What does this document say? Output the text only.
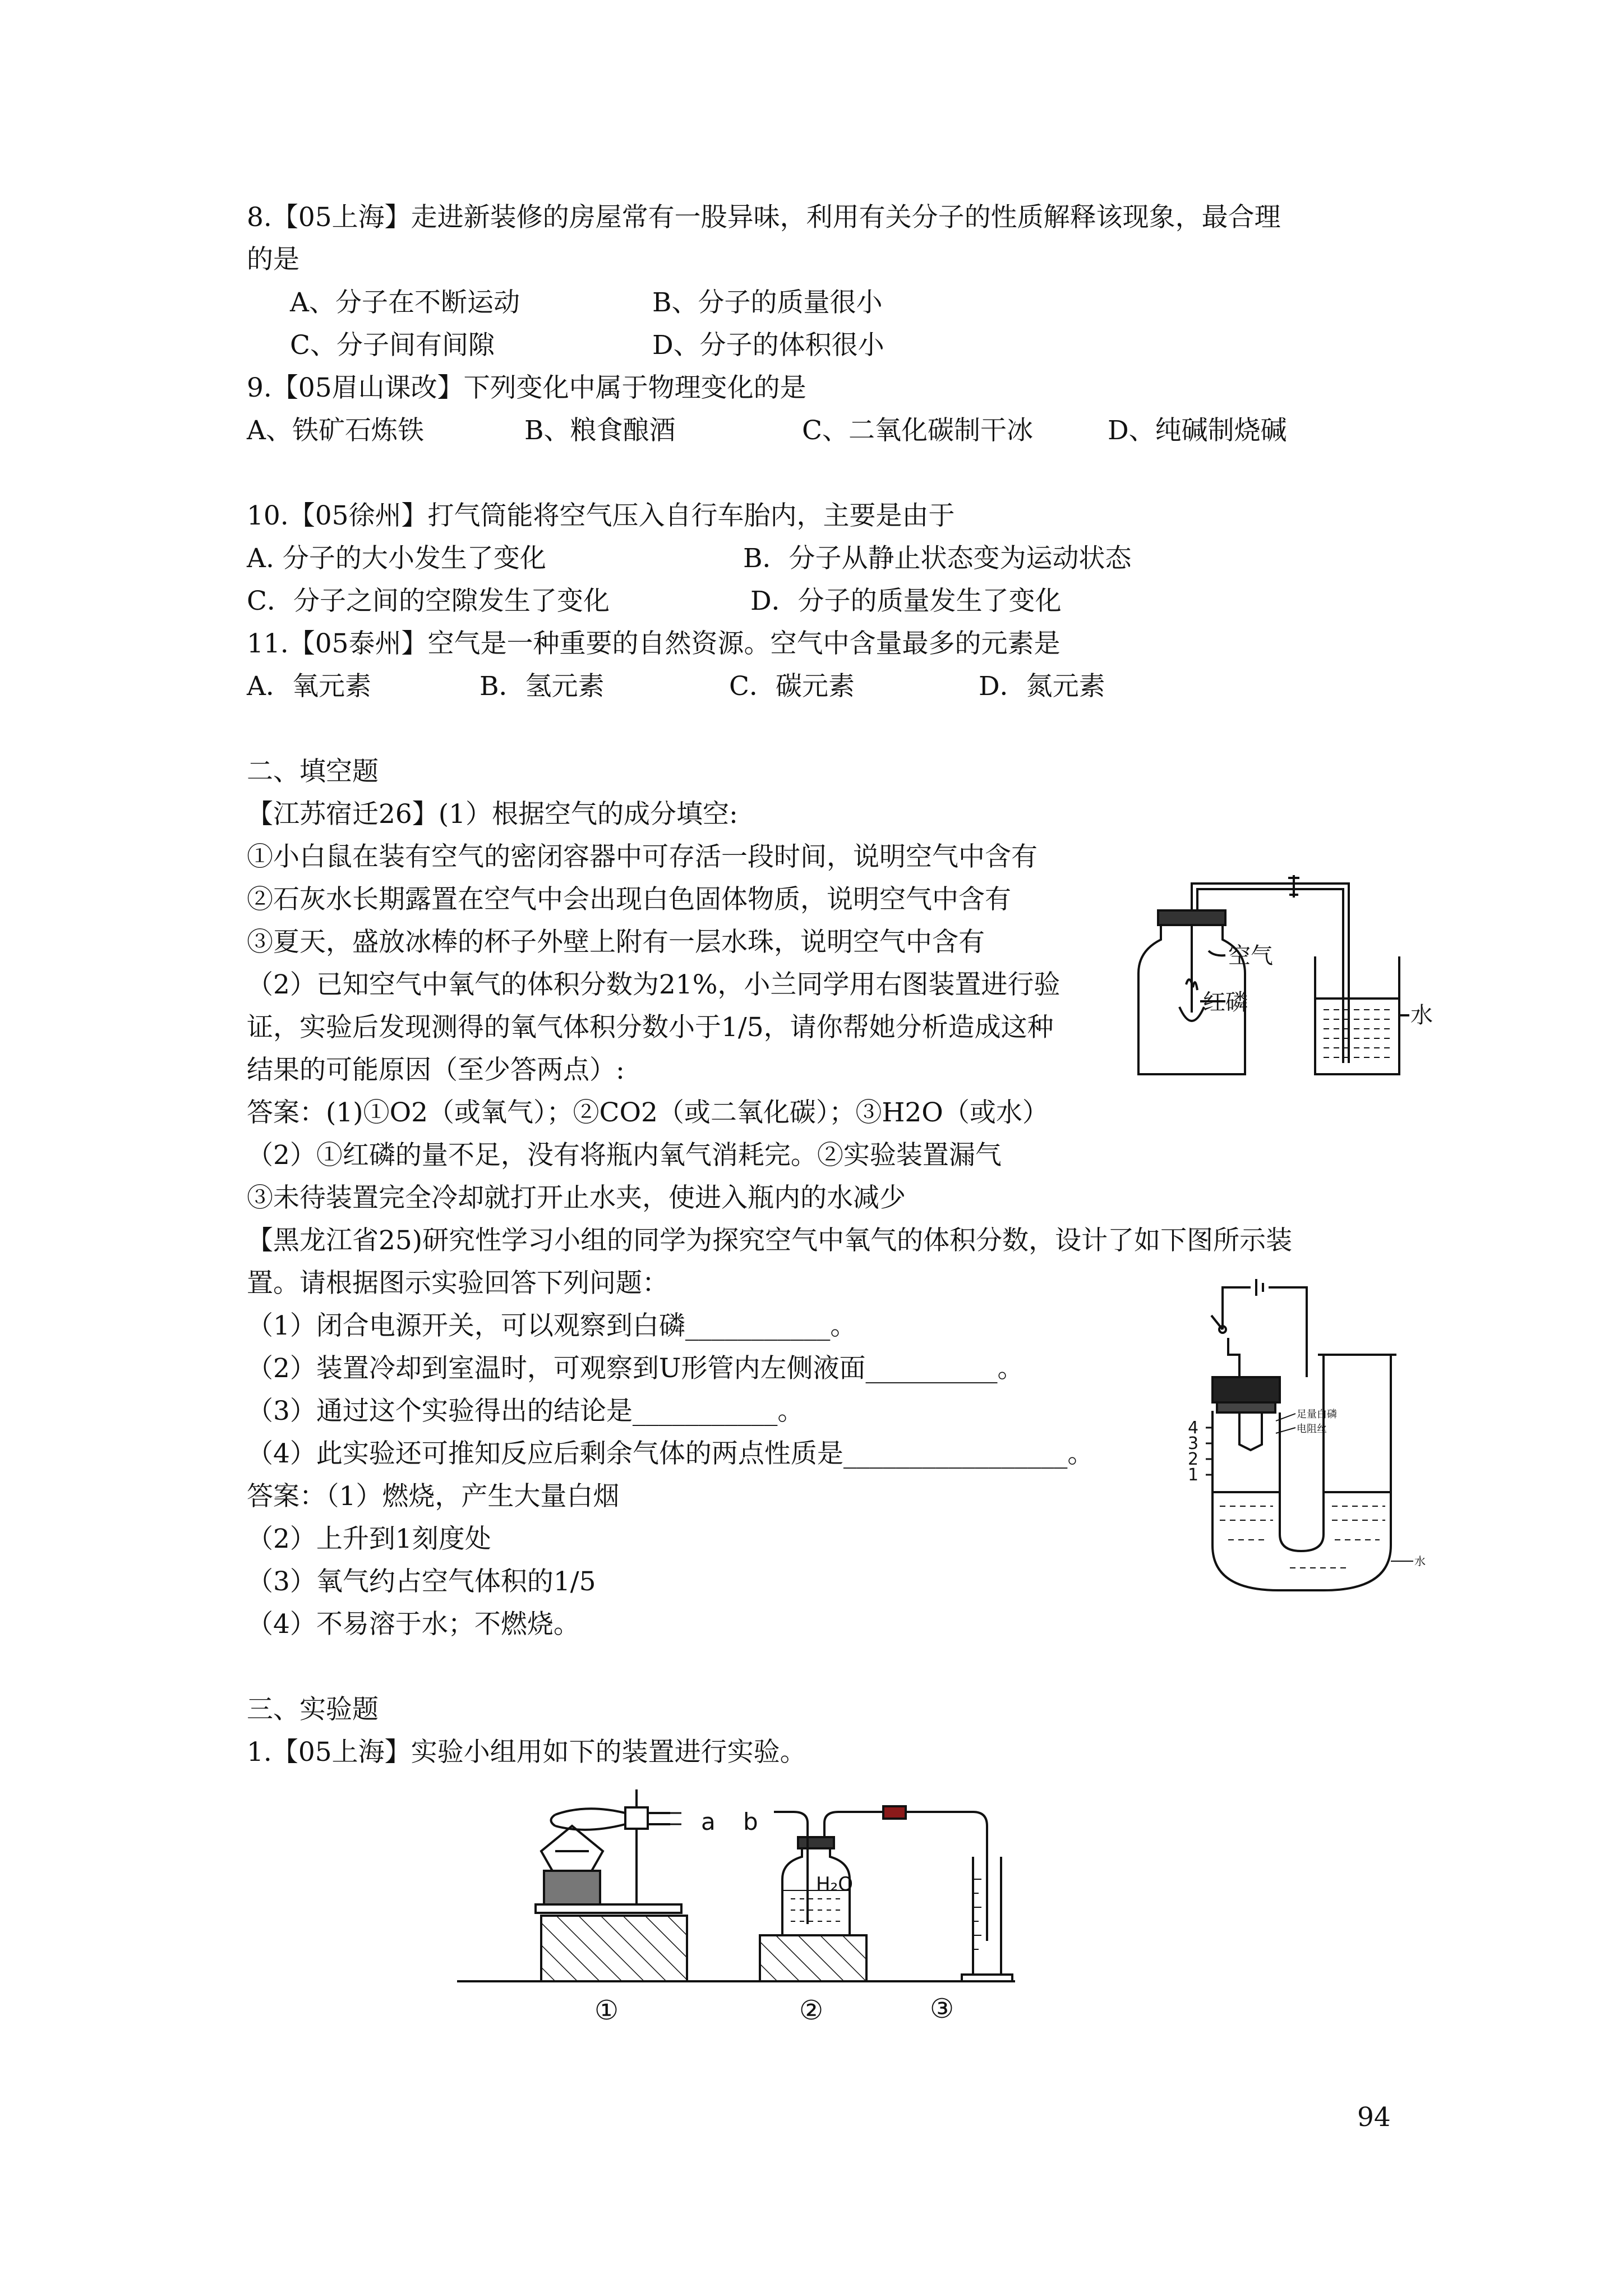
8.【05上海】走进新装修的房屋常有一股异味，利用有关分子的性质解释该现象，最合理
的是
A、分子在不断运动	B、分子的质量很小
C、分子间有间隙	D、分子的体积很小
9.【05眉山课改】下列变化中属于物理变化的是
A、铁矿石炼铁	B、粮食酿酒	C、二氧化碳制干冰	D、纯碱制烧碱
10.【05徐州】打气筒能将空气压入自行车胎内，主要是由于
A. 分子的大小发生了变化	B．分子从静止状态变为运动状态
C．分子之间的空隙发生了变化	D．分子的质量发生了变化
11.【05泰州】空气是一种重要的自然资源。空气中含量最多的元素是
A．氧元素	B．氢元素	C．碳元素	D．氮元素
二、填空题
【江苏宿迁26】(1）根据空气的成分填空:
①小白鼠在装有空气的密闭容器中可存活一段时间，说明空气中含有
②石灰水长期露置在空气中会出现白色固体物质，说明空气中含有
③夏天，盛放冰棒的杯子外壁上附有一层水珠，说明空气中含有
（2）已知空气中氧气的体积分数为21%，小兰同学用右图装置进行验
证，实验后发现测得的氧气体积分数小于1/5，请你帮她分析造成这种
结果的可能原因（至少答两点）:
答案：(1)①O2（或氧气）；②CO2（或二氧化碳）；③H2O（或水）
（2）①红磷的量不足，没有将瓶内氧气消耗完。②实验装置漏气
③未待装置完全冷却就打开止水夹，使进入瓶内的水减少
空气
红磷	水
【黑龙江省25)研究性学习小组的同学为探究空气中氧气的体积分数，设计了如下图所示装
置。请根据图示实验回答下列问题：
（1）闭合电源开关，可以观察到白磷___________。
（2）装置冷却到室温时，可观察到U形管内左侧液面__________。
（3）通过这个实验得出的结论是___________。
（4）此实验还可推知反应后剩余气体的两点性质是_________________。
答案：（1）燃烧，产生大量白烟
（2）上升到1刻度处
（3）氧气约占空气体积的1/5
（4）不易溶于水；不燃烧。
足量白磷
电阻丝
水
4
3
2
1
三、实验题
1.【05上海】实验小组用如下的装置进行实验。
a b
H₂O
①	②	③
94
